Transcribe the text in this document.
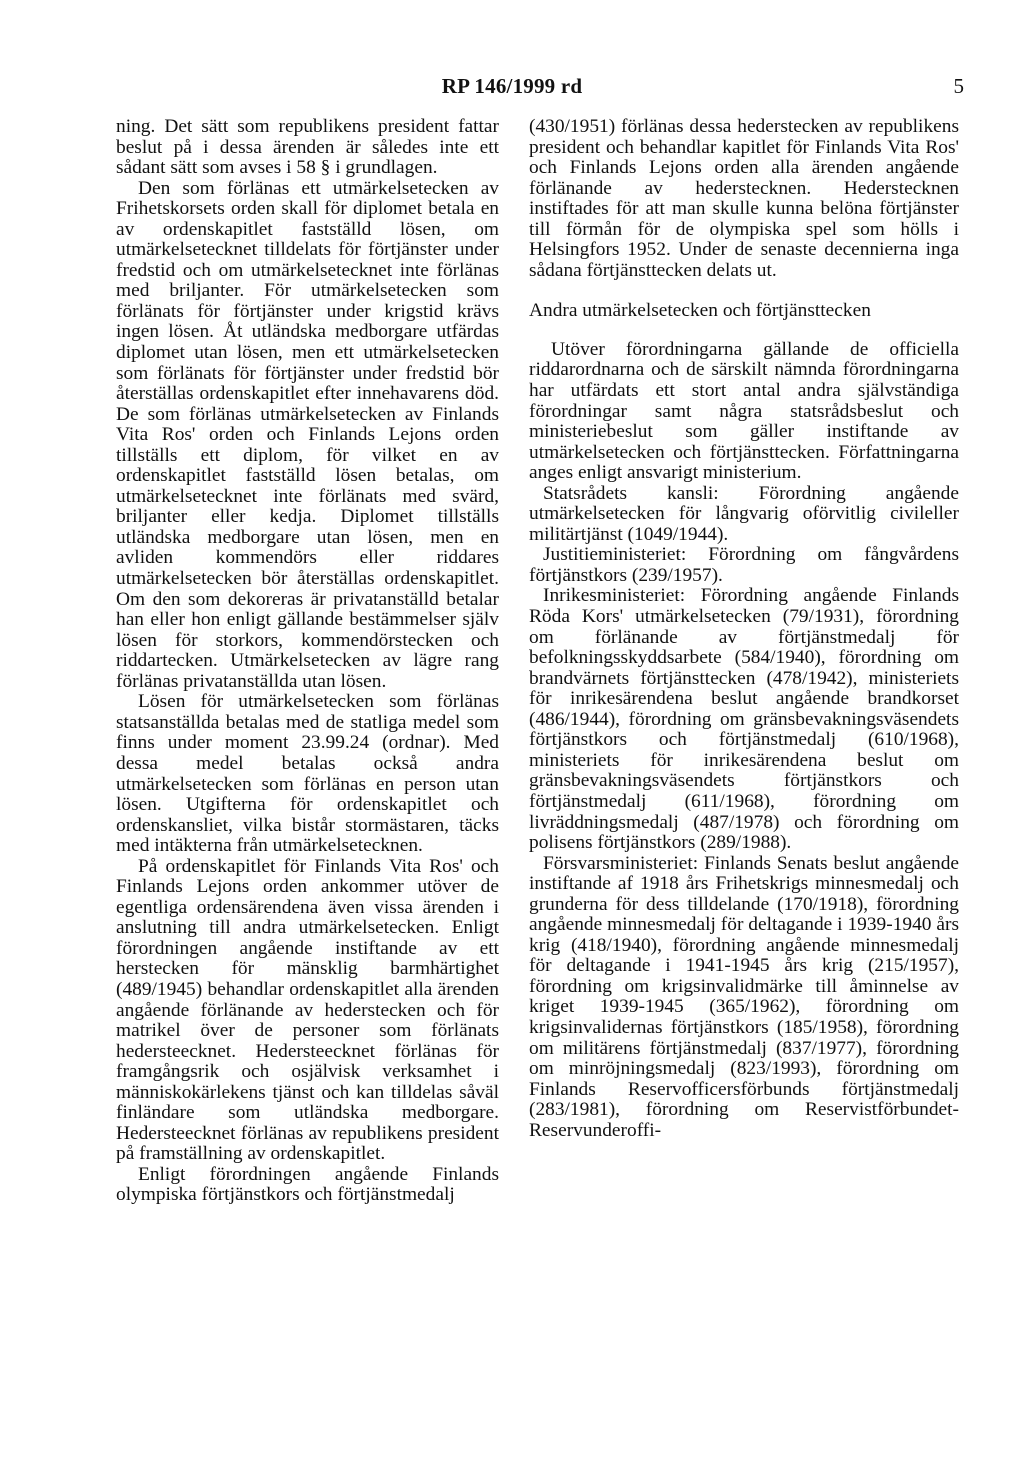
RP 146/1999 rd	5

ning. Det sätt som republikens president fattar beslut på i dessa ärenden är således inte ett sådant sätt som avses i 58 § i grundlagen.

Den som förlänas ett utmärkelsetecken av Frihetskorsets orden skall för diplomet betala en av ordenskapitlet fastställd lösen, om utmärkelsetecknet tilldelats för förtjänster under fredstid och om utmärkelsetecknet inte förlänas med briljanter. För utmärkelsetecken som förlänats för förtjänster under krigstid krävs ingen lösen. Åt utländska medborgare utfärdas diplomet utan lösen, men ett utmärkelsetecken som förlänats för förtjänster under fredstid bör återställas ordenskapitlet efter innehavarens död. De som förlänas utmärkelsetecken av Finlands Vita Ros' orden och Finlands Lejons orden tillställs ett diplom, för vilket en av ordenskapitlet fastställd lösen betalas, om utmärkelsetecknet inte förlänats med svärd, briljanter eller kedja. Diplomet tillställs utländska medborgare utan lösen, men en avliden kommendörs eller riddares utmärkelsetecken bör återställas ordenskapitlet. Om den som dekoreras är privatanställd betalar han eller hon enligt gällande bestämmelser själv lösen för storkors, kommendörstecken och riddartecken. Utmärkelsetecken av lägre rang förlänas privatanställda utan lösen.

Lösen för utmärkelsetecken som förlänas statsanställda betalas med de statliga medel som finns under moment 23.99.24 (ordnar). Med dessa medel betalas också andra utmärkelsetecken som förlänas en person utan lösen. Utgifterna för ordenskapitlet och ordenskansliet, vilka bistår stormästaren, täcks med intäkterna från utmärkelsetecknen.

På ordenskapitlet för Finlands Vita Ros' och Finlands Lejons orden ankommer utöver de egentliga ordensärendena även vissa ärenden i anslutning till andra utmärkelsetecken. Enligt förordningen angående instiftande av ett herstecken för mänsklig barmhärtighet (489/1945) behandlar ordenskapitlet alla ärenden angående förlänande av hederstecken och för matrikel över de personer som förlänats hedersteecknet. Hedersteecknet förlänas för framgångsrik och osjälvisk verksamhet i människokärlekens tjänst och kan tilldelas såväl finländare som utländska medborgare. Hedersteecknet förlänas av republikens president på framställning av ordenskapitlet.

Enligt förordningen angående Finlands olympiska förtjänstkors och förtjänstmedalj

(430/1951) förlänas dessa hederstecken av republikens president och behandlar kapitlet för Finlands Vita Ros' och Finlands Lejons orden alla ärenden angående förlänande av hederstecknen. Hederstecknen instiftades för att man skulle kunna belöna förtjänster till förmån för de olympiska spel som hölls i Helsingfors 1952. Under de senaste decennierna inga sådana förtjänsttecken delats ut.

Andra utmärkelsetecken och förtjänsttecken

Utöver förordningarna gällande de officiella riddarordnarna och de särskilt nämnda förordningarna har utfärdats ett stort antal andra självständiga förordningar samt några statsrådsbeslut och ministeriebeslut som gäller instiftande av utmärkelsetecken och förtjänsttecken. Författningarna anges enligt ansvarigt ministerium.

Statsrådets kansli: Förordning angående utmärkelsetecken för långvarig oförvitlig civileller militärtjänst (1049/1944).

Justitieministeriet: Förordning om fångvårdens förtjänstkors (239/1957).

Inrikesministeriet: Förordning angående Finlands Röda Kors' utmärkelsetecken (79/1931), förordning om förlänande av förtjänstmedalj för befolkningsskyddsarbete (584/1940), förordning om brandvärnets förtjänsttecken (478/1942), ministeriets för inrikesärendena beslut angående brandkorset (486/1944), förordning om gränsbevakningsväsendets förtjänstkors och förtjänstmedalj (610/1968), ministeriets för inrikesärendena beslut om gränsbevakningsväsendets förtjänstkors och förtjänstmedalj (611/1968), förordning om livräddningsmedalj (487/1978) och förordning om polisens förtjänstkors (289/1988).

Försvarsministeriet: Finlands Senats beslut angående instiftande af 1918 års Frihetskrigs minnesmedalj och grunderna för dess tilldelande (170/1918), förordning angående minnesmedalj för deltagande i 1939-1940 års krig (418/1940), förordning angående minnesmedalj för deltagande i 1941-1945 års krig (215/1957), förordning om krigsinvalidmärke till åminnelse av kriget 1939-1945 (365/1962), förordning om krigsinvalidernas förtjänstkors (185/1958), förordning om militärens förtjänstmedalj (837/1977), förordning om minröjningsmedalj (823/1993), förordning om Finlands Reservofficersförbunds förtjänstmedalj (283/1981), förordning om Reservistförbundet-Reservunderoffi-
